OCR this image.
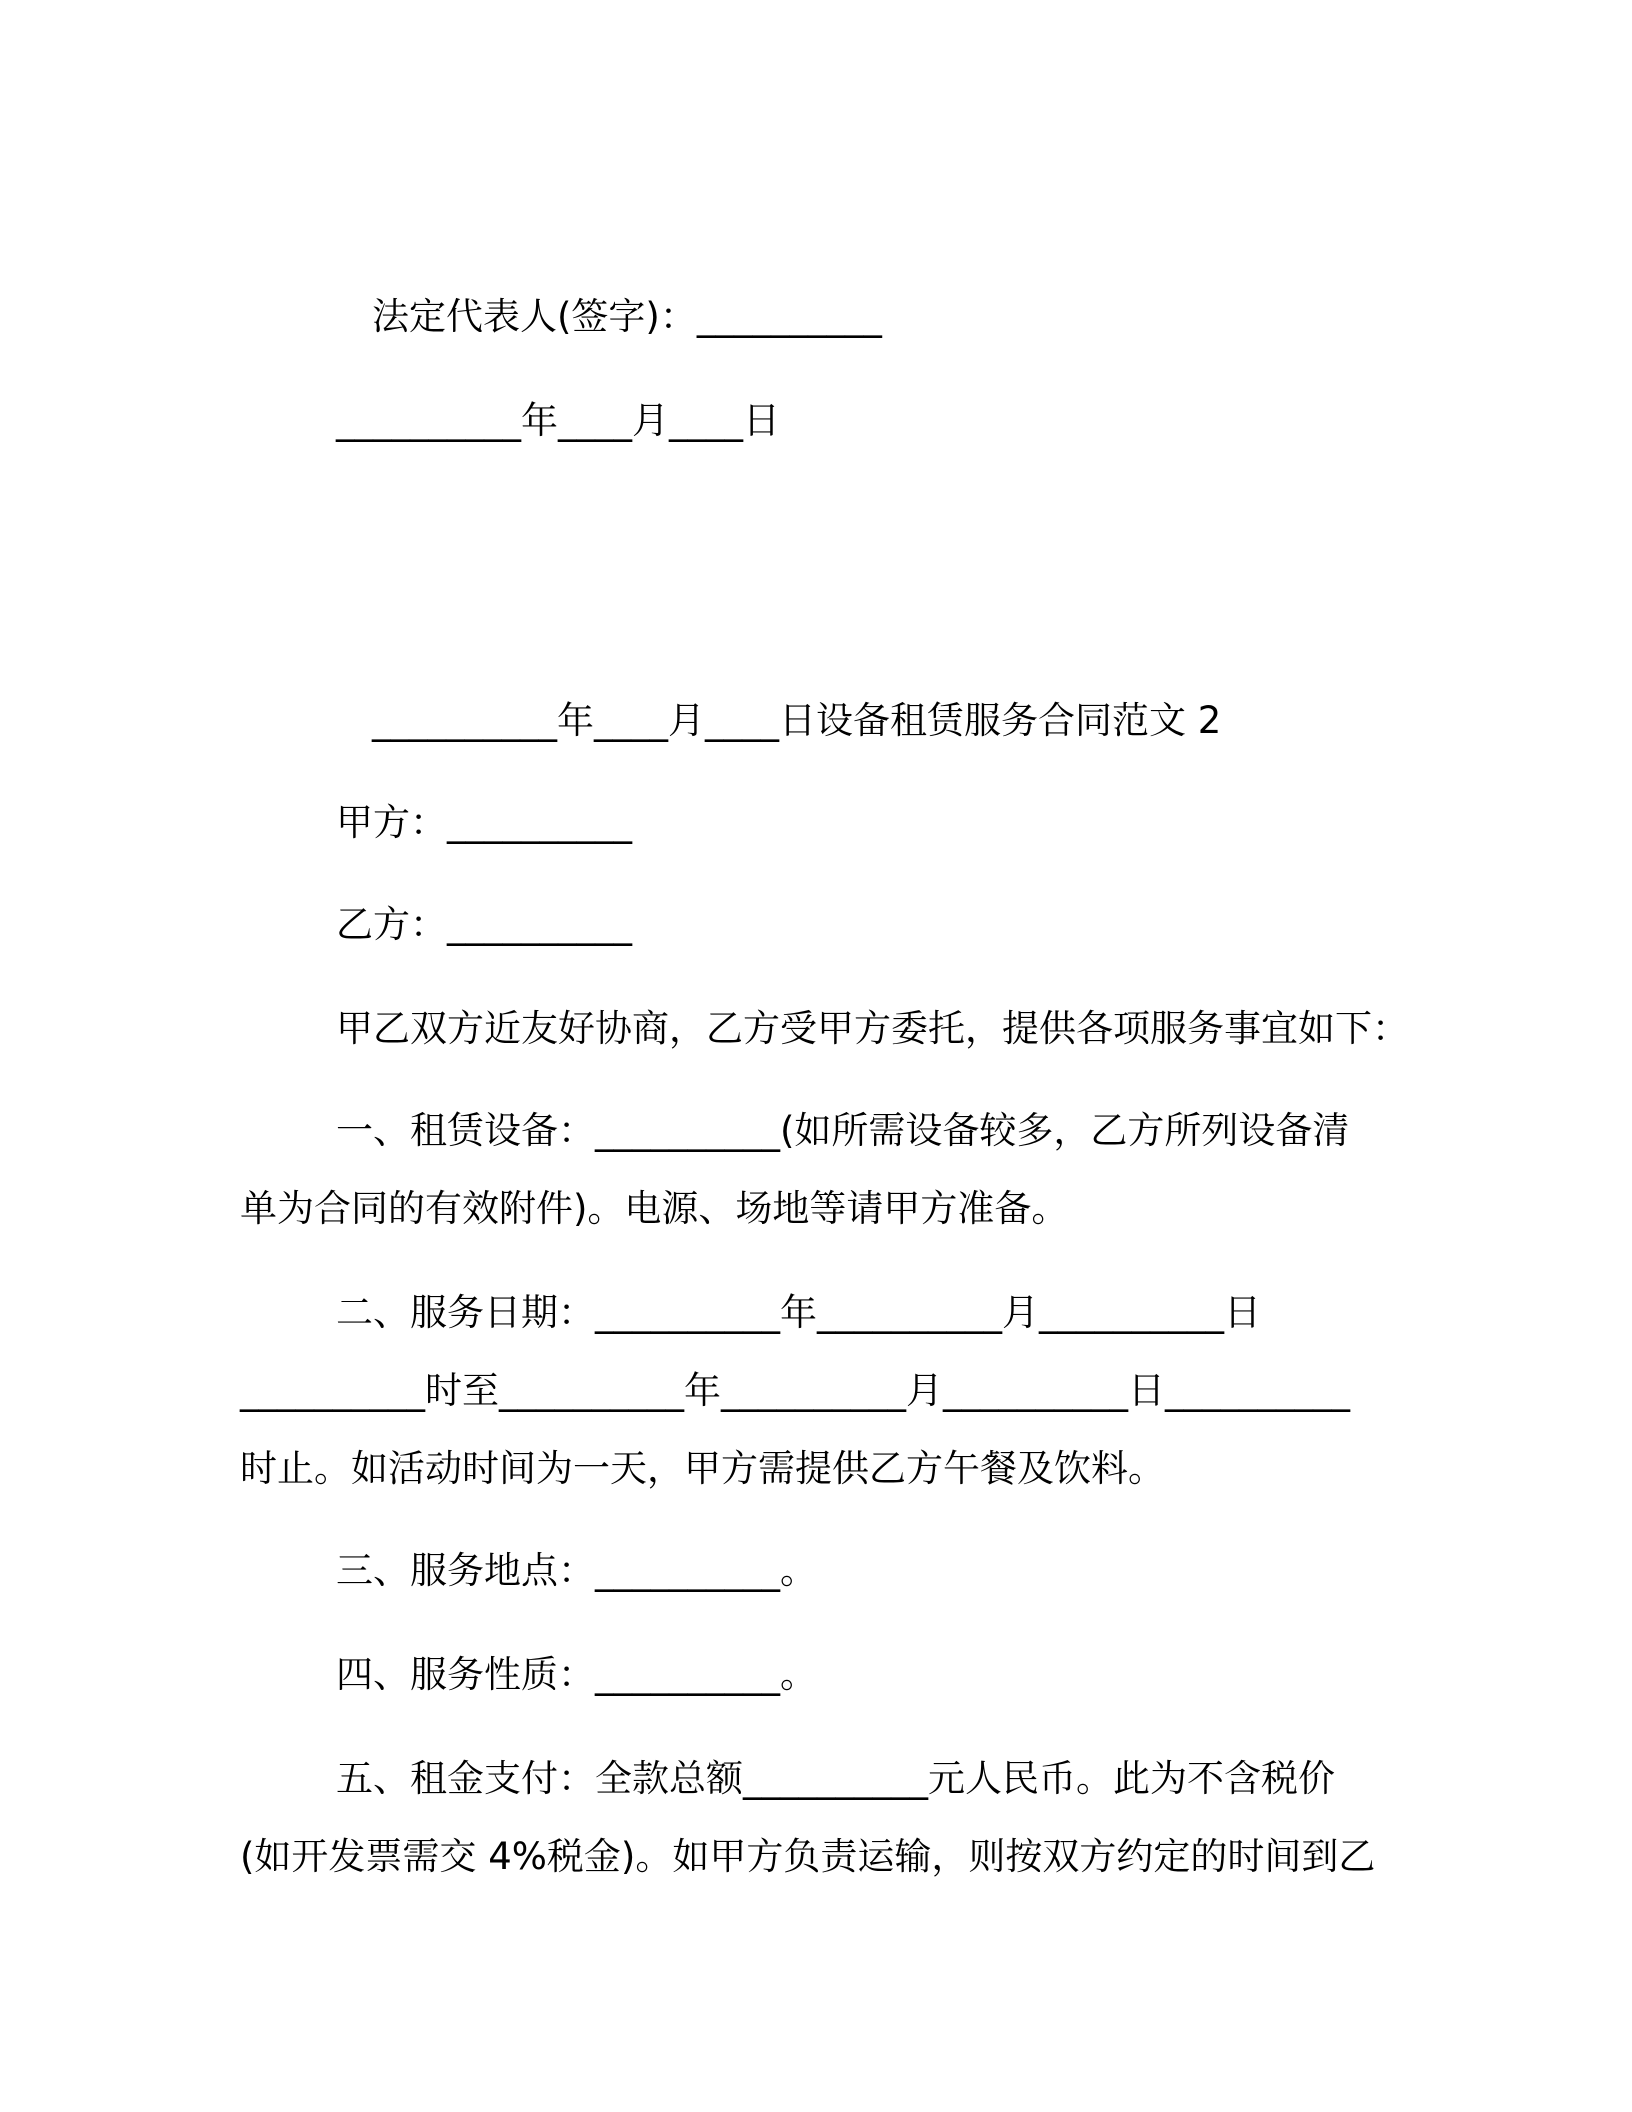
法定代表人(签字)：__________

__________年____月____日

__________年____月____日设备租赁服务合同范文 2

甲方：__________

乙方：__________

甲乙双方近友好协商，乙方受甲方委托，提供各项服务事宜如下：

一、租赁设备：__________(如所需设备较多，乙方所列设备清

单为合同的有效附件)。电源、场地等请甲方准备。

二、服务日期：__________年__________月__________日

__________时至__________年__________月__________日__________

时止。如活动时间为一天，甲方需提供乙方午餐及饮料。

三、服务地点：__________。

四、服务性质：__________。

五、租金支付：全款总额__________元人民币。此为不含税价

(如开发票需交 4%税金)。如甲方负责运输，则按双方约定的时间到乙
